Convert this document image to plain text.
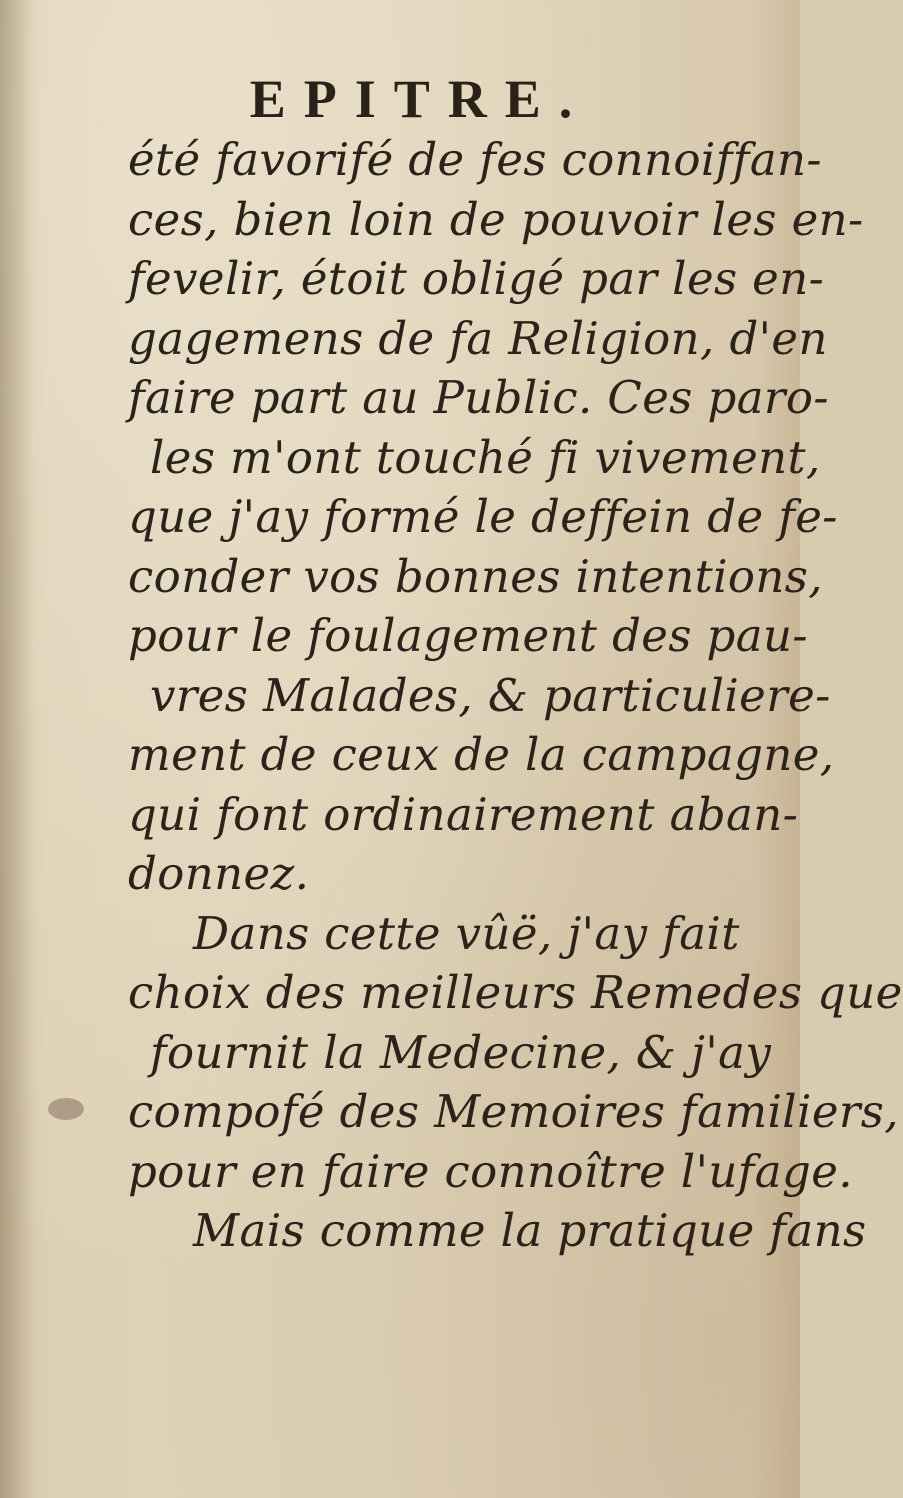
EPITRE.
été favorifé de fes connoiffan-
ces, bien loin de pouvoir les en-
fevelir, étoit obligé par les en-
gagemens de fa Religion, d'en
faire part au Public. Ces paro-
les m'ont touché fi vivement,
que j'ay formé le deffein de fe-
conder vos bonnes intentions,
pour le foulagement des pau-
vres Malades, & particuliere-
ment de ceux de la campagne,
qui font ordinairement aban-
donnez.
Dans cette vûë, j'ay fait
choix des meilleurs Remedes que
fournit la Medecine, & j'ay
compofé des Memoires familiers,
pour en faire connoître l'ufage.
Mais comme la pratique fans
